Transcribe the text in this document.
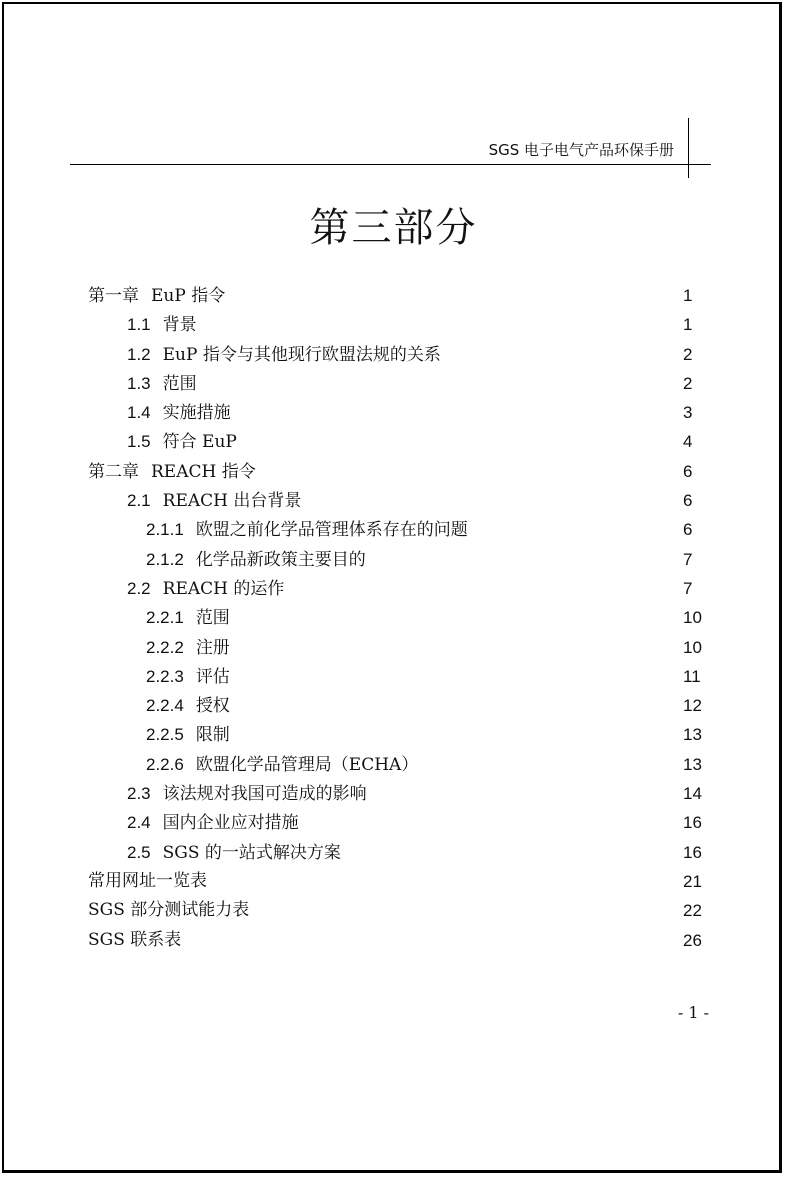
SGS 电子电气产品环保手册
第三部分
第一章 EuP 指令	1
1.1 背景	1
1.2 EuP 指令与其他现行欧盟法规的关系	2
1.3 范围	2
1.4 实施措施	3
1.5 符合 EuP	4
第二章 REACH 指令	6
2.1 REACH 出台背景	6
2.1.1 欧盟之前化学品管理体系存在的问题	6
2.1.2 化学品新政策主要目的	7
2.2 REACH 的运作	7
2.2.1 范围	10
2.2.2 注册	10
2.2.3 评估	11
2.2.4 授权	12
2.2.5 限制	13
2.2.6 欧盟化学品管理局（ECHA）	13
2.3 该法规对我国可造成的影响	14
2.4 国内企业应对措施	16
2.5 SGS 的一站式解决方案	16
常用网址一览表	21
SGS 部分测试能力表	22
SGS 联系表	26
- 1 -
